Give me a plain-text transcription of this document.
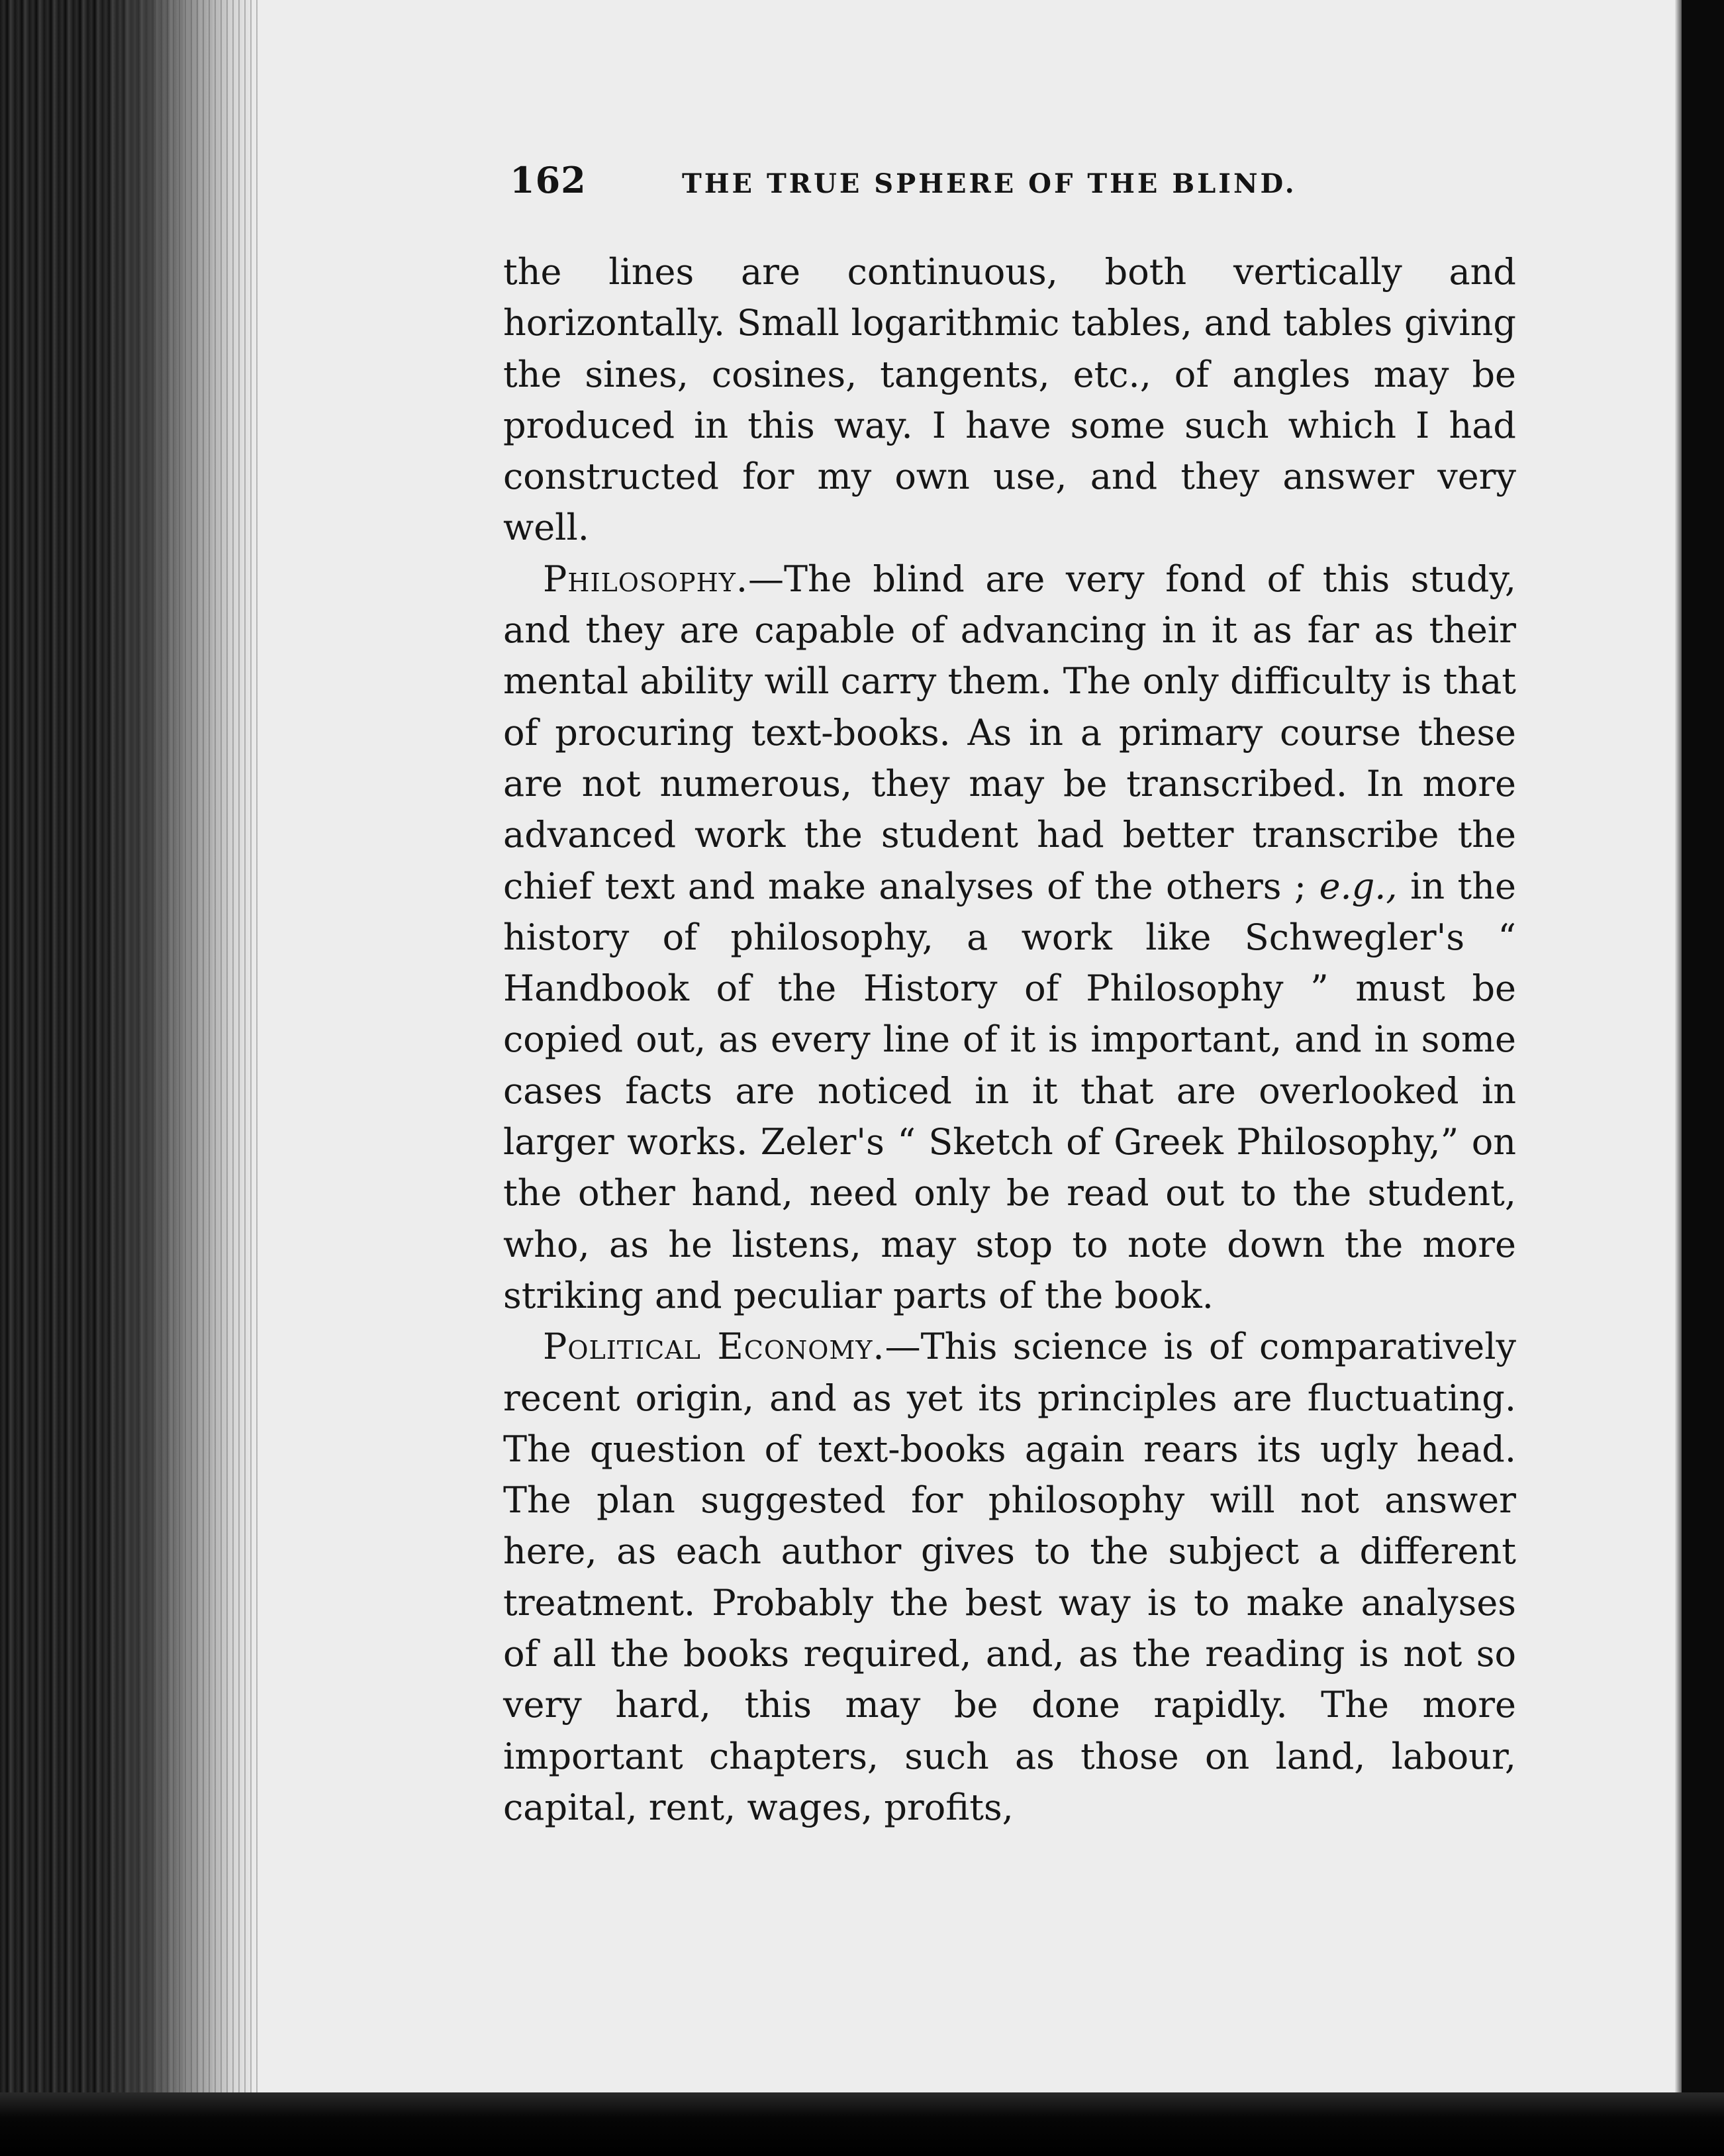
162	THE TRUE SPHERE OF THE BLIND.

the lines are continuous, both vertically and horizontally. Small logarithmic tables, and tables giving the sines, cosines, tangents, etc., of angles may be produced in this way. I have some such which I had constructed for my own use, and they answer very well.

Philosophy.—The blind are very fond of this study, and they are capable of advancing in it as far as their mental ability will carry them. The only difficulty is that of procuring text-books. As in a primary course these are not numerous, they may be transcribed. In more advanced work the student had better transcribe the chief text and make analyses of the others ; e.g., in the history of philosophy, a work like Schwegler's “ Handbook of the History of Philosophy ” must be copied out, as every line of it is important, and in some cases facts are noticed in it that are overlooked in larger works. Zeler's “ Sketch of Greek Philosophy,” on the other hand, need only be read out to the student, who, as he listens, may stop to note down the more striking and peculiar parts of the book.

Political Economy.—This science is of comparatively recent origin, and as yet its principles are fluctuating. The question of text-books again rears its ugly head. The plan suggested for philosophy will not answer here, as each author gives to the subject a different treatment. Probably the best way is to make analyses of all the books required, and, as the reading is not so very hard, this may be done rapidly. The more important chapters, such as those on land, labour, capital, rent, wages, profits,
